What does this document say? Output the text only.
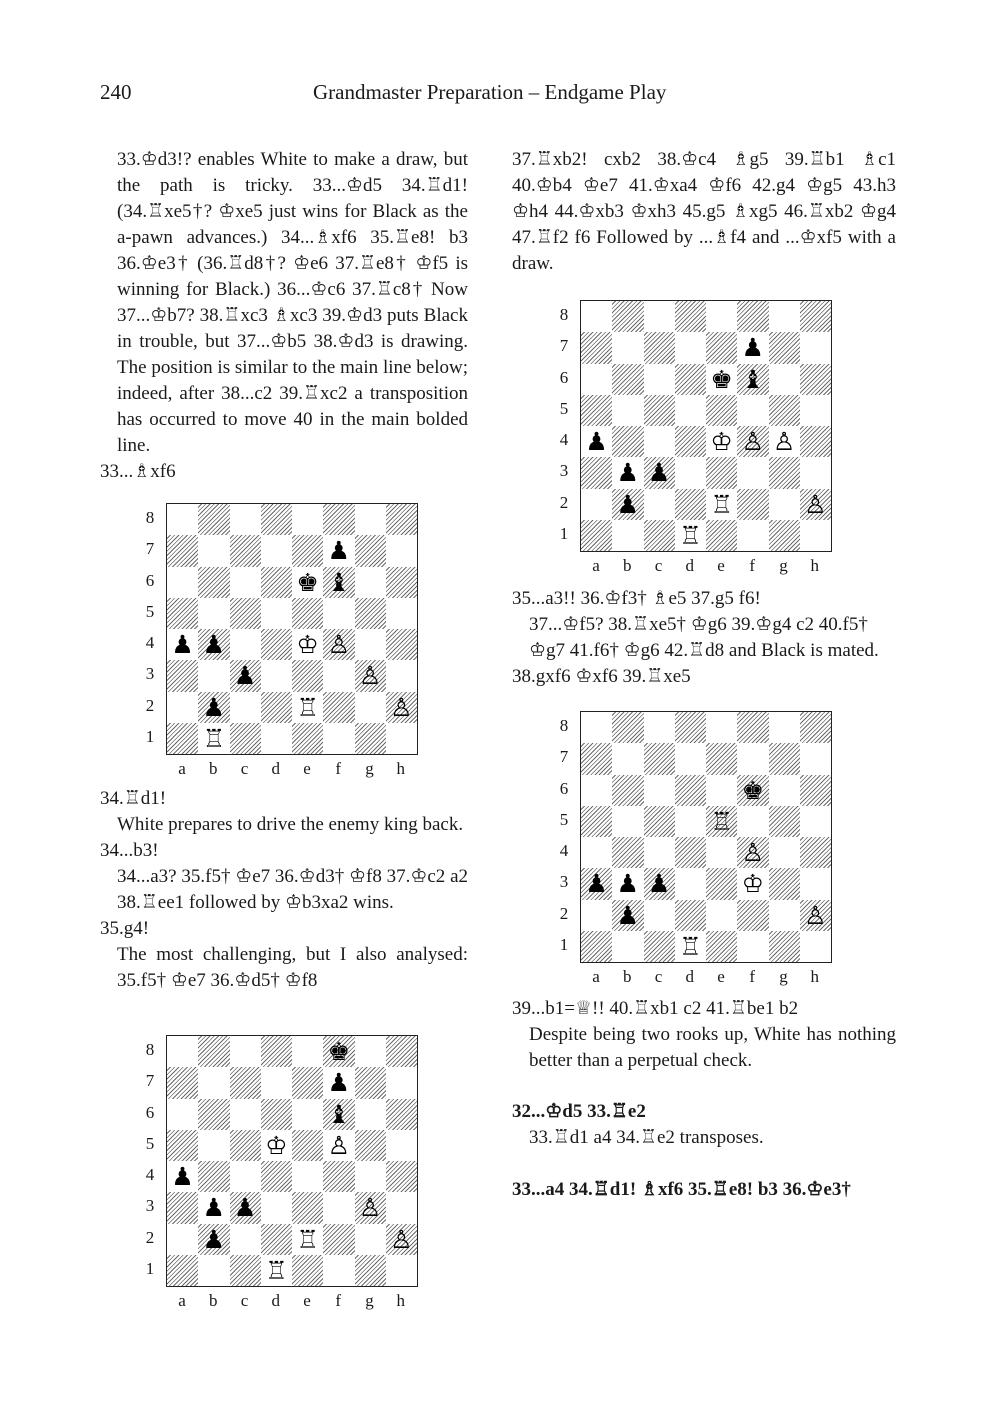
240	Grandmaster Preparation – Endgame Play

33.♔d3!? enables White to make a draw, but the path is tricky. 33...♔d5 34.♖d1! (34.♖xe5†? ♔xe5 just wins for Black as the a-pawn advances.) 34...♗xf6 35.♖e8! b3 36.♔e3† (36.♖d8†? ♔e6 37.♖e8† ♔f5 is winning for Black.) 36...♔c6 37.♖c8† Now 37...♔b7? 38.♖xc3 ♗xc3 39.♔d3 puts Black in trouble, but 37...♔b5 38.♔d3 is drawing. The position is similar to the main line below; indeed, after 38...c2 39.♖xc2 a transposition has occurred to move 40 in the main bolded line.

33...♗xf6

34.♖d1!

White prepares to drive the enemy king back.

34...b3!

34...a3? 35.f5† ♔e7 36.♔d3† ♔f8 37.♔c2 a2 38.♖ee1 followed by ♔b3xa2 wins.

35.g4!

The most challenging, but I also analysed: 35.f5† ♔e7 36.♔d5† ♔f8

37.♖xb2! cxb2 38.♔c4 ♗g5 39.♖b1 ♗c1 40.♔b4 ♔e7 41.♔xa4 ♔f6 42.g4 ♔g5 43.h3 ♔h4 44.♔xb3 ♔xh3 45.g5 ♗xg5 46.♖xb2 ♔g4 47.♖f2 f6 Followed by ...♗f4 and ...♔xf5 with a draw.

35...a3!! 36.♔f3† ♗e5 37.g5 f6!

37...♔f5? 38.♖xe5† ♔g6 39.♔g4 c2 40.f5† ♔g7 41.f6† ♔g6 42.♖d8 and Black is mated.

38.gxf6 ♔xf6 39.♖xe5

39...b1=♕!! 40.♖xb1 c2 41.♖be1 b2

Despite being two rooks up, White has nothing better than a perpetual check.

32...♔d5 33.♖e2

33.♖d1 a4 34.♖e2 transposes.

33...a4 34.♖d1! ♗xf6 35.♖e8! b3 36.♔e3†

♟
♚ ♝
♟ ♟	♔ ♙
♟	♙
♟	♖	♙
♖
8
7
6
5
4
3
2
1
a	b	c	d	e	f	g	h
♚
♟
♝
♔ ♙
♟
♟ ♟	♙
♟	♖	♙
♖
8
7
6
5
4
3
2
1
a	b	c	d	e	f	g	h
♟
♚ ♝
♟	♔ ♙ ♙
♟ ♟
♟	♖	♙
♖
8
7
6
5
4
3
2
1
a	b	c	d	e	f	g	h
♚
♖
♙
♟ ♟ ♟	♔
♟	♙
♖
8
7
6
5
4
3
2
1
a	b	c	d	e	f	g	h
